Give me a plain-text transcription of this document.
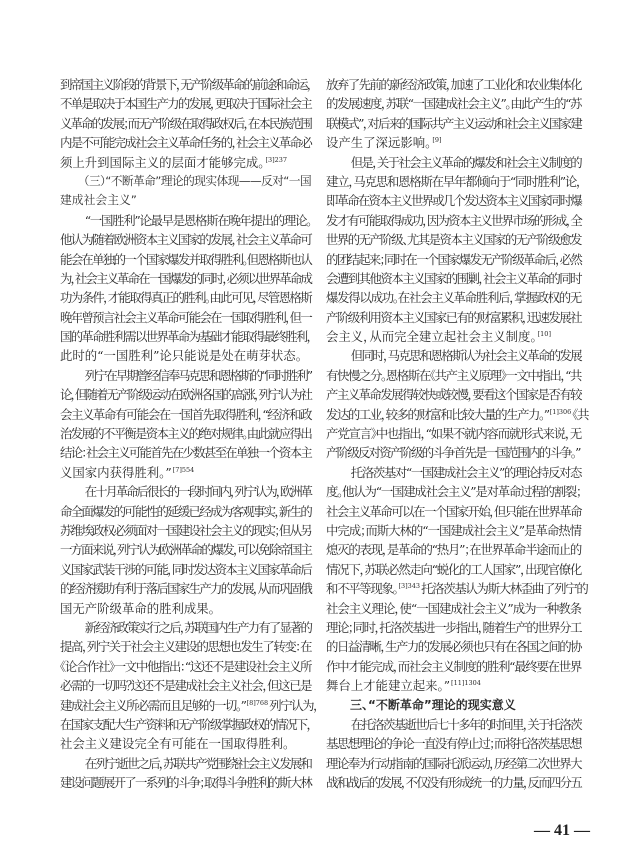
到帝国主义阶段的背景下，无产阶级革命的前途和命运，
不单是取决于本国生产力的发展，更取决于国际社会主
义革命的发展；而无产阶级在取得政权后，在本民族范围
内是不可能完成社会主义革命任务的，社会主义革命必
须上升到国际主义的层面才能够完成。$^{[3]237}$
（三）“不断革命”理论的现实体现——反对“一国
建成社会主义”
“一国胜利”论最早是恩格斯在晚年提出的理论。
他认为随着欧洲资本主义国家的发展，社会主义革命可
能会在单独的一个国家爆发并取得胜利。但恩格斯也认
为，社会主义革命在一国爆发的同时，必须以世界革命成
功为条件，才能取得真正的胜利。由此可见，尽管恩格斯
晚年曾预言社会主义革命可能会在一国取得胜利，但一
国的革命胜利需以世界革命为基础才能取得最终胜利，
此时的“一国胜利”论只能说是处在萌芽状态。
列宁在早期曾经信奉马克思和恩格斯的“同时胜利”
论，但随着无产阶级运动在欧洲各国的高涨，列宁认为社
会主义革命有可能会在一国首先取得胜利，“经济和政
治发展的不平衡是资本主义的绝对规律。由此就应得出
结论：社会主义可能首先在少数甚至在单独一个资本主
义国家内获得胜利。”$^{[7]554}$
在十月革命后很长的一段时间内，列宁认为，欧洲革
命全面爆发的可能性的延缓已经成为客观事实，新生的
苏维埃政权必须面对一国建设社会主义的现实；但从另
一方面来说，列宁认为欧洲革命的爆发，可以免除帝国主
义国家武装干涉的可能，同时发达资本主义国家革命后
的经济援助有利于落后国家生产力的发展，从而巩固俄
国无产阶级革命的胜利成果。
新经济政策实行之后，苏联国内生产力有了显著的
提高，列宁关于社会主义建设的思想也发生了转变：在
《论合作社》一文中他指出：“这还不是建设社会主义所
必需的一切吗？这还不是建成社会主义社会，但这已是
建成社会主义所必需而且足够的一切。”$^{[8]768}$列宁认为，
在国家支配大生产资料和无产阶级掌握政权的情况下，
社会主义建设完全有可能在一国取得胜利。
在列宁逝世之后，苏联共产党围绕社会主义发展和
建设问题展开了一系列的斗争；取得斗争胜利的斯大林
放弃了先前的新经济政策，加速了工业化和农业集体化
的发展速度，苏联“一国建成社会主义”。由此产生的“苏
联模式”，对后来的国际共产主义运动和社会主义国家建
设产生了深远影响。[9]
但是，关于社会主义革命的爆发和社会主义制度的
建立，马克思和恩格斯在早年都倾向于“同时胜利”论，
即革命在资本主义世界或几个发达资本主义国家同时爆
发才有可能取得成功，因为资本主义世界市场的形成，全
世界的无产阶级、尤其是资本主义国家的无产阶级愈发
的团结起来；同时在一个国家爆发无产阶级革命后，必然
会遭到其他资本主义国家的围剿，社会主义革命的同时
爆发得以成功。在社会主义革命胜利后，掌握政权的无
产阶级利用资本主义国家已有的财富累积，迅速发展社
会主义，从而完全建立起社会主义制度。[10]
但同时，马克思和恩格斯认为社会主义革命的发展
有快慢之分。恩格斯在《共产主义原理》一文中指出，“共
产主义革命发展得较快或较慢，要看这个国家是否有较
发达的工业，较多的财富和比较大量的生产力。”$^{[1]306}$《共
产党宣言》中也指出，“如果不就内容而就形式来说，无
产阶级反对资产阶级的斗争首先是一国范围内的斗争。”
托洛茨基对“一国建成社会主义”的理论持反对态
度。他认为“一国建成社会主义”是对革命过程的割裂；
社会主义革命可以在一个国家开始，但只能在世界革命
中完成；而斯大林的“一国建成社会主义”是革命热情
熄灭的表现，是革命的“热月”；在世界革命半途而止的
情况下，苏联必然走向“蜕化的工人国家”，出现官僚化
和不平等现象。$^{[3]343}$托洛茨基认为斯大林歪曲了列宁的
社会主义理论，使“一国建成社会主义”成为一种教条
理论；同时，托洛茨基进一步指出，随着生产的世界分工
的日益清晰，生产力的发展必须也只有在各国之间的协
作中才能完成，而社会主义制度的胜利“最终要在世界
舞台上才能建立起来。”$^{[11]1304}$
三、“不断革命”理论的现实意义
在托洛茨基逝世后七十多年的时间里，关于托洛茨
基思想理论的争论一直没有停止过；而将托洛茨基思想
理论奉为行动指南的国际托派运动，历经第二次世界大
战和战后的发展，不仅没有形成统一的力量，反而四分五
— 41 —
